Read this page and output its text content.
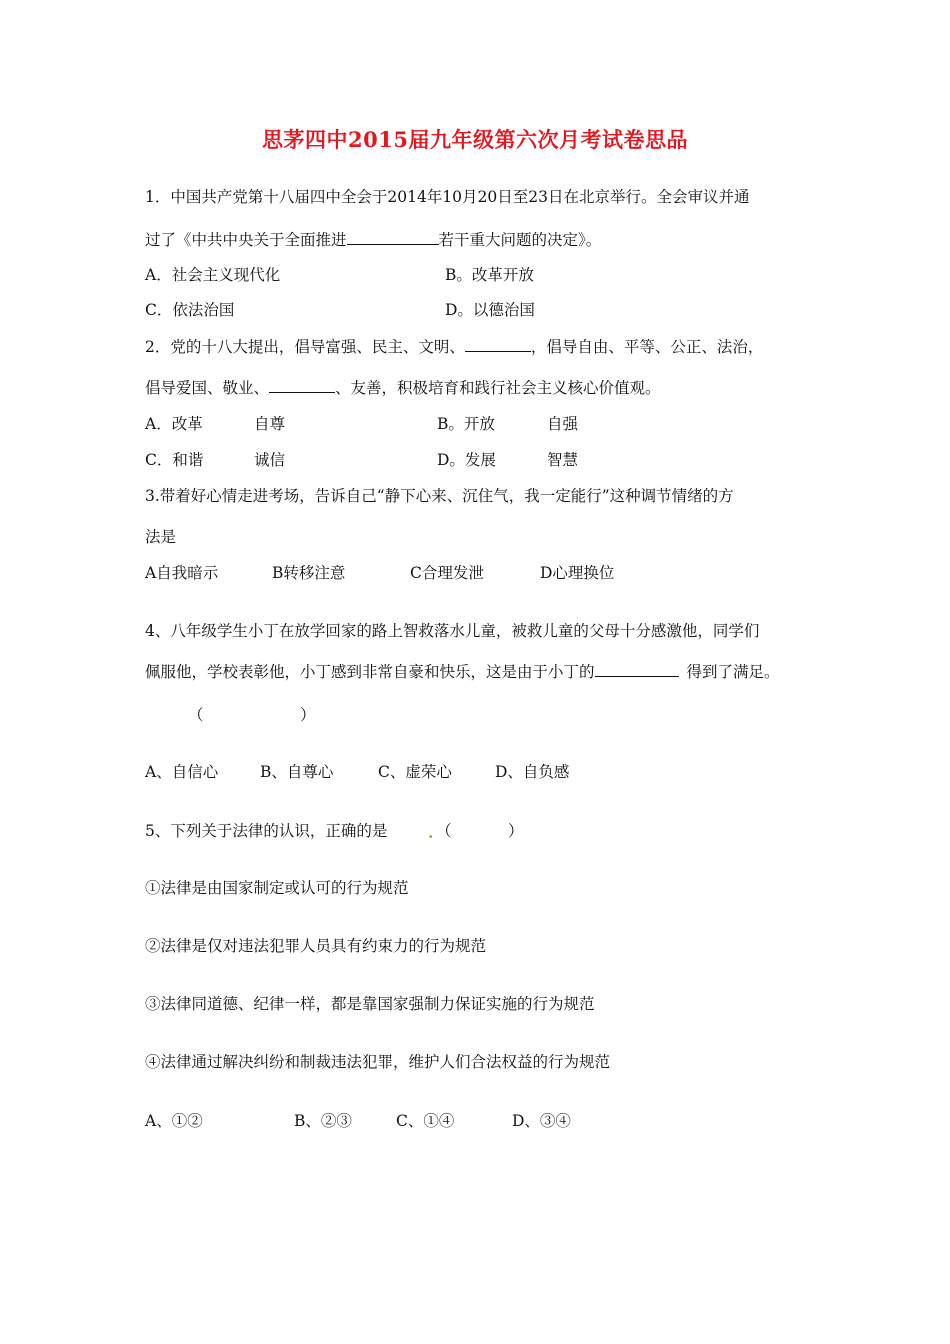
思茅四中2015届九年级第六次月考试卷思品
1．中国共产党第十八届四中全会于2014年10月20日至23日在北京举行。全会审议并通
过了《中共中央关于全面推进	若干重大问题的决定》。
A．社会主义现代化	B。改革开放
C．依法治国	D。以德治国
2．党的十八大提出，倡导富强、民主、文明、	，倡导自由、平等、公正、法治，
倡导爱国、敬业、	、友善，积极培育和践行社会主义核心价值观。
A．改革	自尊	B。开放	自强
C．和谐	诚信	D。发展	智慧
3.带着好心情走进考场，告诉自己“静下心来、沉住气，我一定能行”这种调节情绪的方
法是
A自我暗示	B转移注意	C合理发泄	D心理换位
4、八年级学生小丁在放学回家的路上智救落水儿童，被救儿童的父母十分感激他，同学们
佩服他，学校表彰他，小丁感到非常自豪和快乐，这是由于小丁的	得到了满足。
（	）
A、自信心	B、自尊心	C、虚荣心	D、自负感
5、下列关于法律的认识，正确的是	. （	）
①法律是由国家制定或认可的行为规范
②法律是仅对违法犯罪人员具有约束力的行为规范
③法律同道德、纪律一样，都是靠国家强制力保证实施的行为规范
④法律通过解决纠纷和制裁违法犯罪，维护人们合法权益的行为规范
A、①②	B、②③	C、①④	D、③④
